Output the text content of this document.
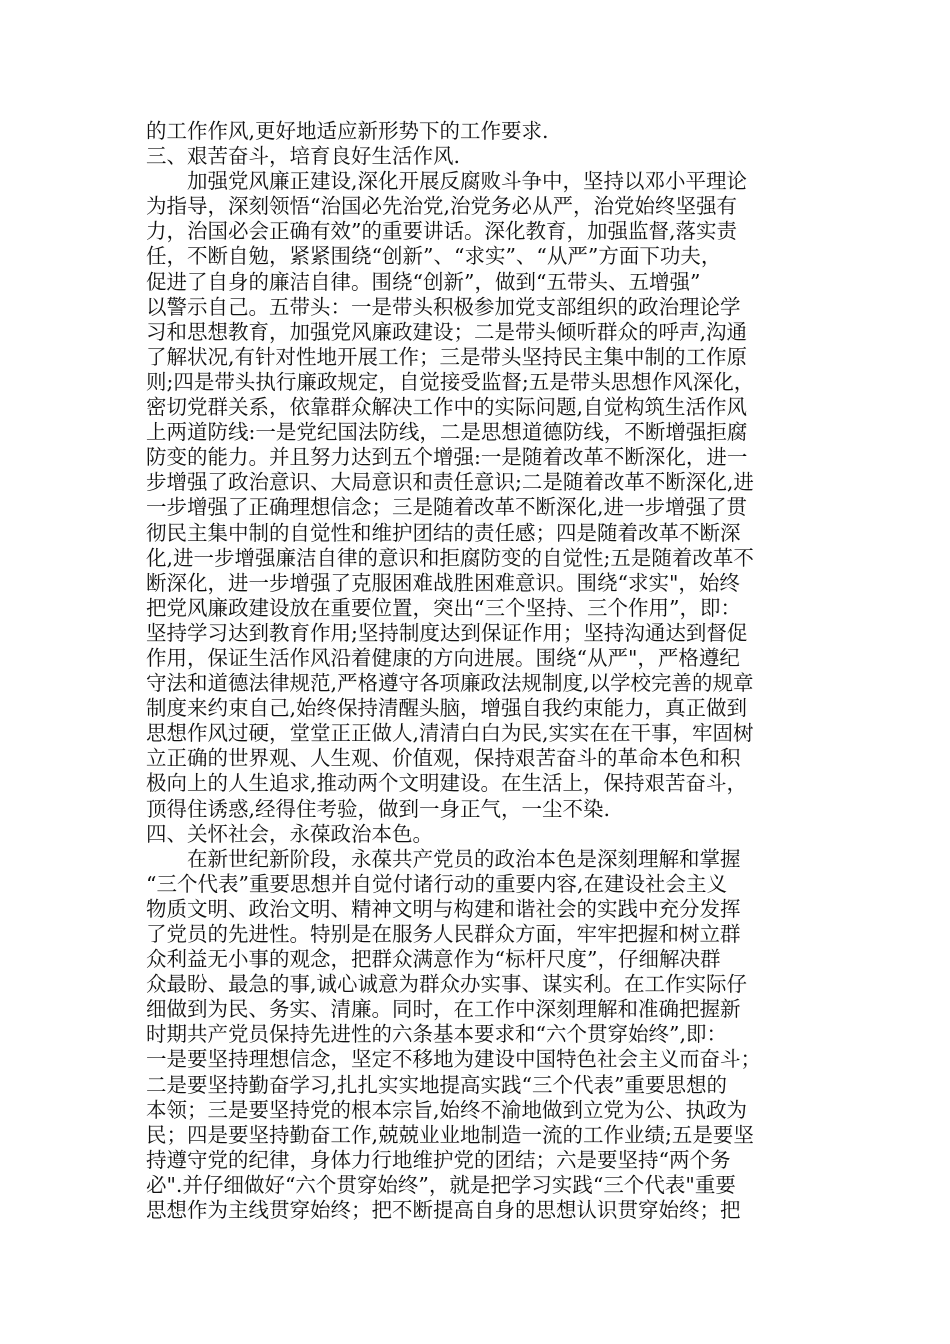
的工作作风,更好地适应新形势下的工作要求.
三、艰苦奋斗，培育良好生活作风.
加强党风廉正建设,深化开展反腐败斗争中，坚持以邓小平理论
为指导，深刻领悟“治国必先治党,治党务必从严，治党始终坚强有
力，治国必会正确有效”的重要讲话。深化教育，加强监督,落实责
任，不断自勉，紧紧围绕“创新”、“求实”、“从严”方面下功夫，
促进了自身的廉洁自律。围绕“创新”，做到“五带头、五增强”
以警示自己。五带头：一是带头积极参加党支部组织的政治理论学
习和思想教育，加强党风廉政建设；二是带头倾听群众的呼声,沟通
了解状况,有针对性地开展工作；三是带头坚持民主集中制的工作原
则;四是带头执行廉政规定，自觉接受监督;五是带头思想作风深化，
密切党群关系，依靠群众解决工作中的实际问题,自觉构筑生活作风
上两道防线:一是党纪国法防线，二是思想道德防线，不断增强拒腐
防变的能力。并且努力达到五个增强:一是随着改革不断深化，进一
步增强了政治意识、大局意识和责任意识;二是随着改革不断深化,进
一步增强了正确理想信念；三是随着改革不断深化,进一步增强了贯
彻民主集中制的自觉性和维护团结的责任感；四是随着改革不断深
化,进一步增强廉洁自律的意识和拒腐防变的自觉性;五是随着改革不
断深化，进一步增强了克服困难战胜困难意识。围绕“求实"，始终
把党风廉政建设放在重要位置，突出“三个坚持、三个作用”，即：
坚持学习达到教育作用;坚持制度达到保证作用；坚持沟通达到督促
作用，保证生活作风沿着健康的方向进展。围绕“从严"，严格遵纪
守法和道德法律规范,严格遵守各项廉政法规制度,以学校完善的规章
制度来约束自己,始终保持清醒头脑，增强自我约束能力，真正做到
思想作风过硬，堂堂正正做人,清清白白为民,实实在在干事，牢固树
立正确的世界观、人生观、价值观，保持艰苦奋斗的革命本色和积
极向上的人生追求,推动两个文明建设。在生活上，保持艰苦奋斗，
顶得住诱惑,经得住考验，做到一身正气，一尘不染.
四、关怀社会，永葆政治本色。
在新世纪新阶段，永葆共产党员的政治本色是深刻理解和掌握
“三个代表”重要思想并自觉付诸行动的重要内容,在建设社会主义
物质文明、政治文明、精神文明与构建和谐社会的实践中充分发挥
了党员的先进性。特别是在服务人民群众方面，牢牢把握和树立群
众利益无小事的观念，把群众满意作为“标杆尺度”，仔细解决群
众最盼、最急的事,诚心诚意为群众办实事、谋实利。在工作实际仔
细做到为民、务实、清廉。同时，在工作中深刻理解和准确把握新
时期共产党员保持先进性的六条基本要求和“六个贯穿始终”,即：
一是要坚持理想信念，坚定不移地为建设中国特色社会主义而奋斗；
二是要坚持勤奋学习,扎扎实实地提高实践“三个代表”重要思想的
本领；三是要坚持党的根本宗旨,始终不渝地做到立党为公、执政为
民；四是要坚持勤奋工作,兢兢业业地制造一流的工作业绩;五是要坚
持遵守党的纪律，身体力行地维护党的团结；六是要坚持“两个务
必".并仔细做好“六个贯穿始终”，就是把学习实践“三个代表"重要
思想作为主线贯穿始终；把不断提高自身的思想认识贯穿始终；把
